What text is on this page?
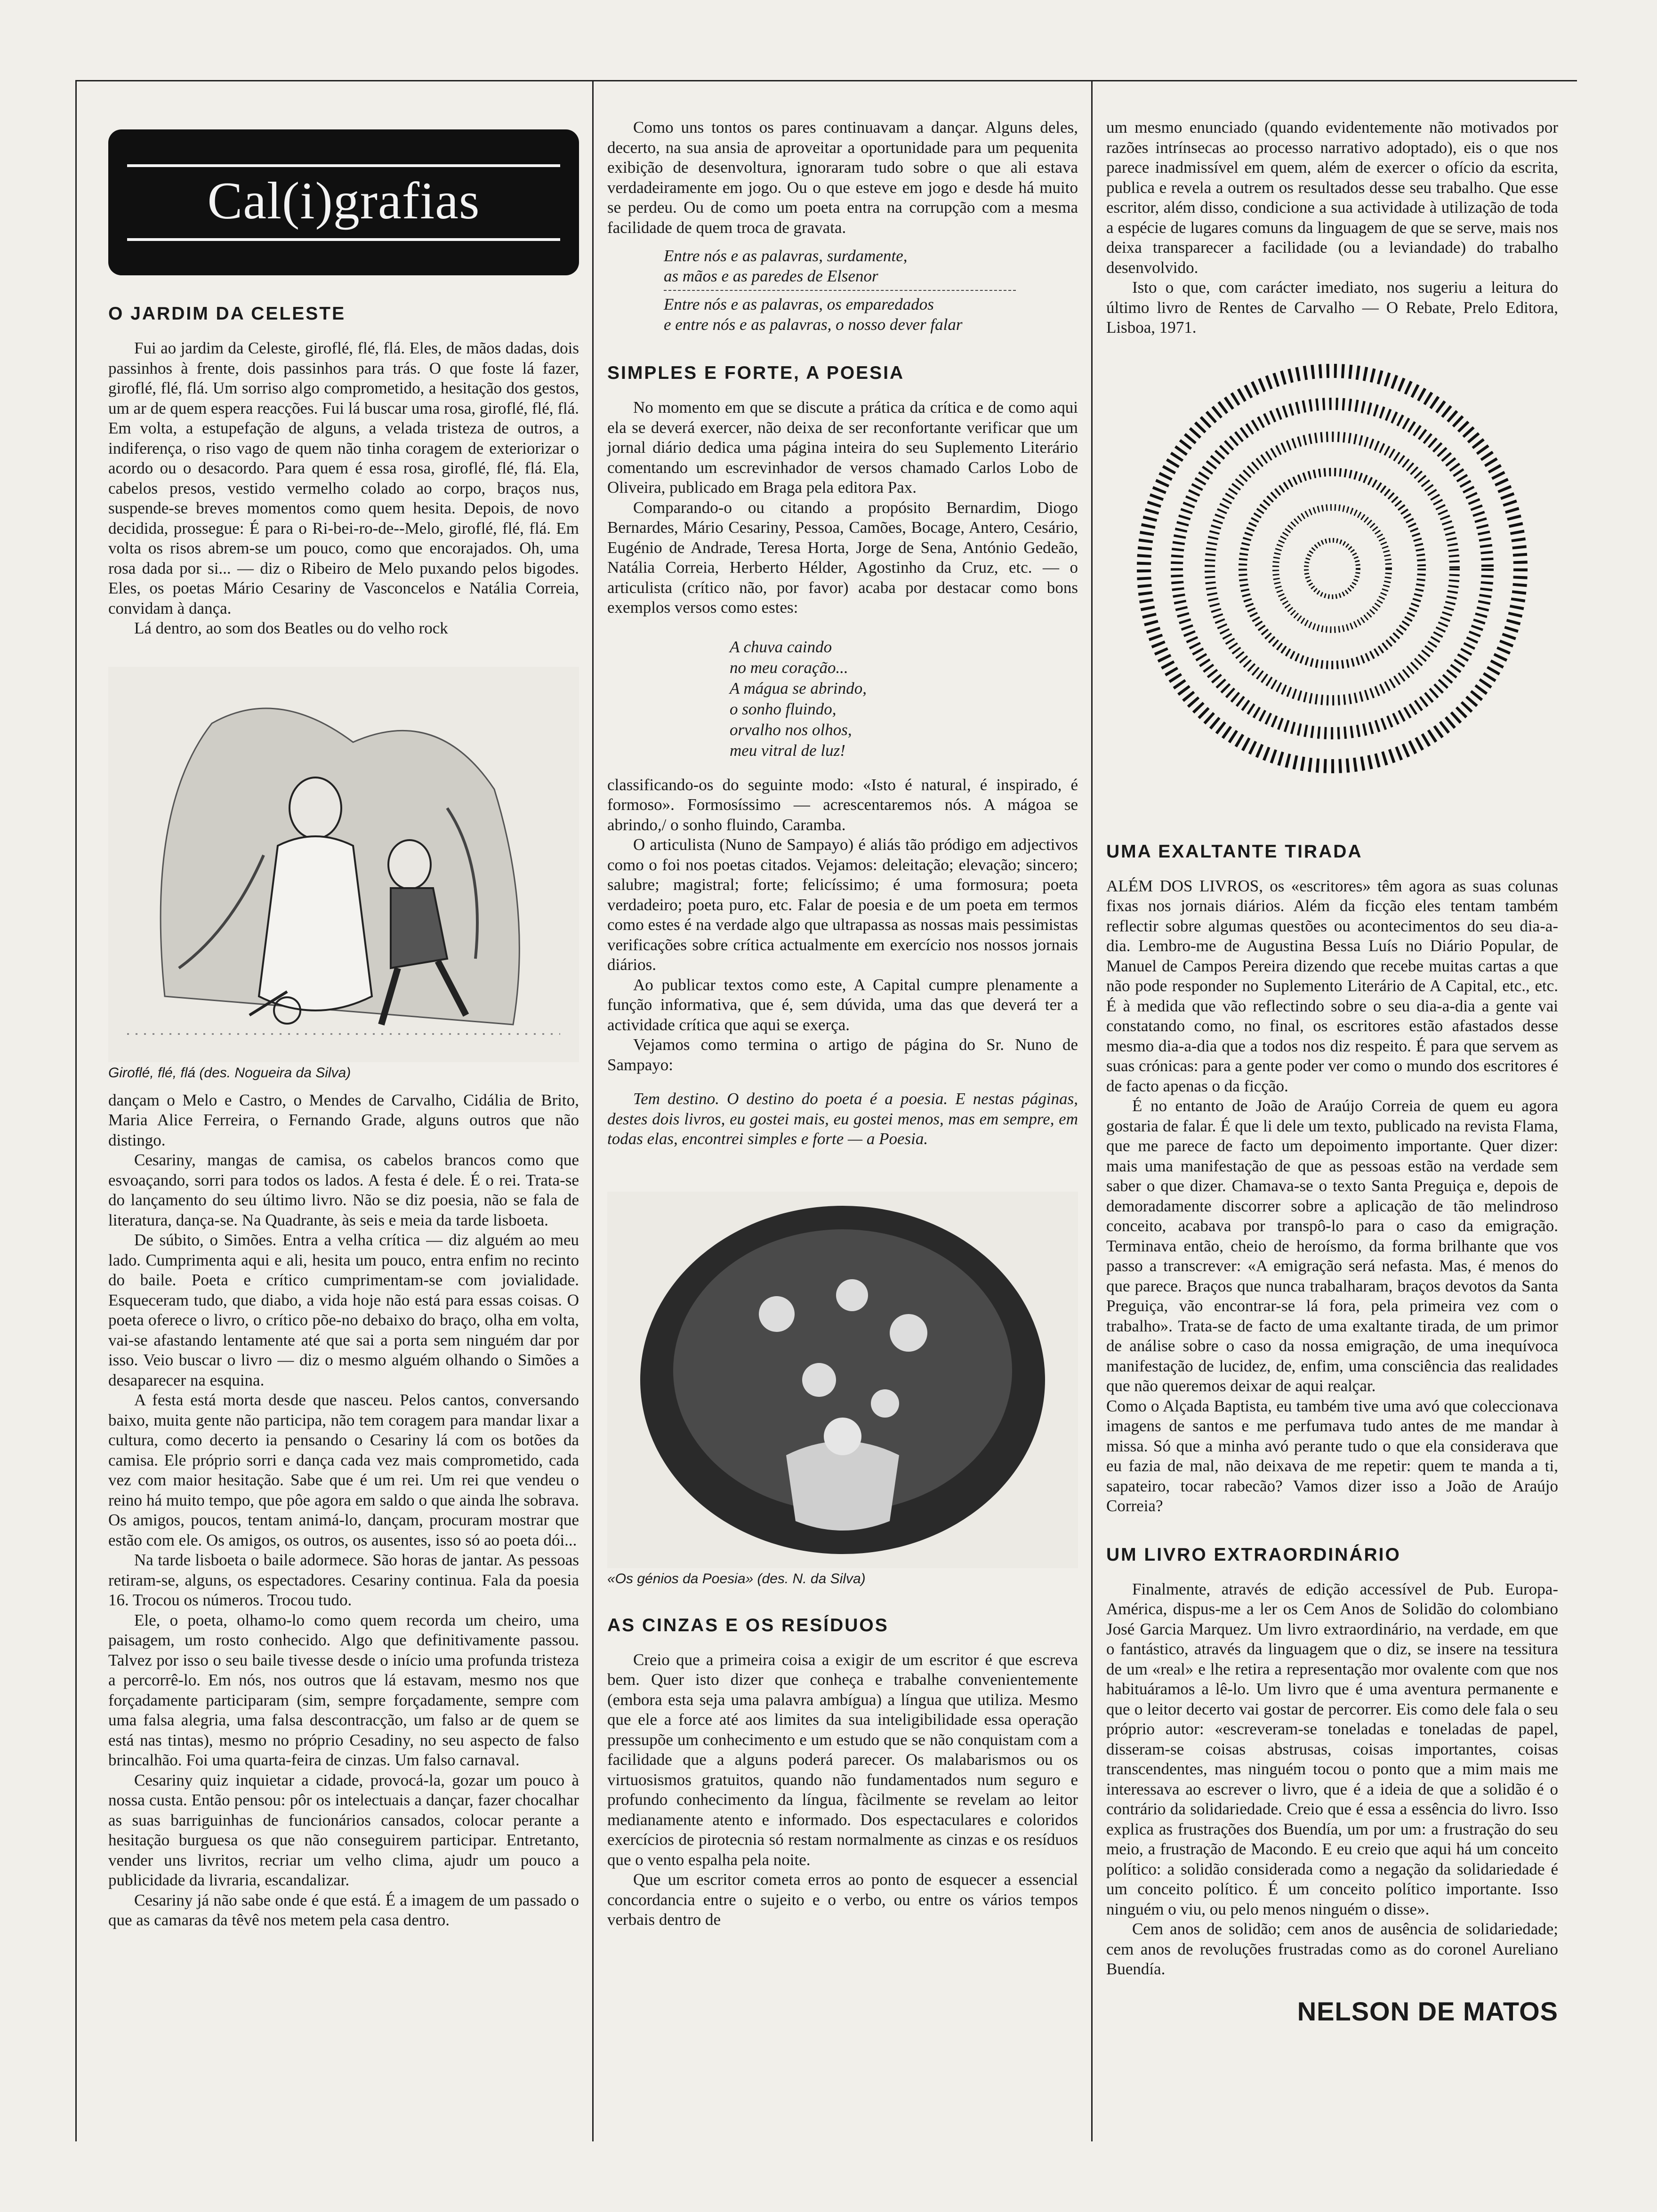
Cal(i)grafias
O JARDIM DA CELESTE

Fui ao jardim da Celeste, giroflé, flé, flá. Eles, de mãos dadas, dois passinhos à frente, dois passinhos para trás. O que foste lá fazer, giroflé, flé, flá. Um sorriso algo comprometido, a hesitação dos gestos, um ar de quem espera reacções. Fui lá buscar uma rosa, giroflé, flé, flá. Em volta, a estupefação de alguns, a velada tristeza de outros, a indiferença, o riso vago de quem não tinha coragem de exteriorizar o acordo ou o desacordo. Para quem é essa rosa, giroflé, flé, flá. Ela, cabelos presos, vestido vermelho colado ao corpo, braços nus, suspende-se breves momentos como quem hesita. Depois, de novo decidida, prossegue: É para o Ri-bei-ro-de--Melo, giroflé, flé, flá. Em volta os risos abrem-se um pouco, como que encorajados. Oh, uma rosa dada por si... — diz o Ribeiro de Melo puxando pelos bigodes. Eles, os poetas Mário Cesariny de Vasconcelos e Natália Correia, convidam à dança.

Lá dentro, ao som dos Beatles ou do velho rock

Giroflé, flé, flá (des. Nogueira da Silva)

dançam o Melo e Castro, o Mendes de Carvalho, Cidália de Brito, Maria Alice Ferreira, o Fernando Grade, alguns outros que não distingo.

Cesariny, mangas de camisa, os cabelos brancos como que esvoaçando, sorri para todos os lados. A festa é dele. É o rei. Trata-se do lançamento do seu último livro. Não se diz poesia, não se fala de literatura, dança-se. Na Quadrante, às seis e meia da tarde lisboeta.

De súbito, o Simões. Entra a velha crítica — diz alguém ao meu lado. Cumprimenta aqui e ali, hesita um pouco, entra enfim no recinto do baile. Poeta e crítico cumprimentam-se com jovialidade. Esqueceram tudo, que diabo, a vida hoje não está para essas coisas. O poeta oferece o livro, o crítico põe-no debaixo do braço, olha em volta, vai-se afastando lentamente até que sai a porta sem ninguém dar por isso. Veio buscar o livro — diz o mesmo alguém olhando o Simões a desaparecer na esquina.

A festa está morta desde que nasceu. Pelos cantos, conversando baixo, muita gente não participa, não tem coragem para mandar lixar a cultura, como decerto ia pensando o Cesariny lá com os botões da camisa. Ele próprio sorri e dança cada vez mais comprometido, cada vez com maior hesitação. Sabe que é um rei. Um rei que vendeu o reino há muito tempo, que pôe agora em saldo o que ainda lhe sobrava. Os amigos, poucos, tentam animá-lo, dançam, procuram mostrar que estão com ele. Os amigos, os outros, os ausentes, isso só ao poeta dói...

Na tarde lisboeta o baile adormece. São horas de jantar. As pessoas retiram-se, alguns, os espectadores. Cesariny continua. Fala da poesia 16. Trocou os números. Trocou tudo.

Ele, o poeta, olhamo-lo como quem recorda um cheiro, uma paisagem, um rosto conhecido. Algo que definitivamente passou. Talvez por isso o seu baile tivesse desde o início uma profunda tristeza a percorrê-lo. Em nós, nos outros que lá estavam, mesmo nos que forçadamente participaram (sim, sempre forçadamente, sempre com uma falsa alegria, uma falsa descontracção, um falso ar de quem se está nas tintas), mesmo no próprio Cesadiny, no seu aspecto de falso brincalhão. Foi uma quarta-feira de cinzas. Um falso carnaval.

Cesariny quiz inquietar a cidade, provocá-la, gozar um pouco à nossa custa. Então pensou: pôr os intelectuais a dançar, fazer chocalhar as suas barriguinhas de funcionários cansados, colocar perante a hesitação burguesa os que não conseguirem participar. Entretanto, vender uns livritos, recriar um velho clima, ajudr um pouco a publicidade da livraria, escandalizar.

Cesariny já não sabe onde é que está. É a imagem de um passado o que as camaras da têvê nos metem pela casa dentro.

Como uns tontos os pares continuavam a dançar. Alguns deles, decerto, na sua ansia de aproveitar a oportunidade para um pequenita exibição de desenvoltura, ignoraram tudo sobre o que ali estava verdadeiramente em jogo. Ou o que esteve em jogo e desde há muito se perdeu. Ou de como um poeta entra na corrupção com a mesma facilidade de quem troca de gravata.

Entre nós e as palavras, surdamente,
as mãos e as paredes de Elsenor
Entre nós e as palavras, os emparedados
e entre nós e as palavras, o nosso dever falar
SIMPLES E FORTE, A POESIA

No momento em que se discute a prática da crítica e de como aqui ela se deverá exercer, não deixa de ser reconfortante verificar que um jornal diário dedica uma página inteira do seu Suplemento Literário comentando um escrevinhador de versos chamado Carlos Lobo de Oliveira, publicado em Braga pela editora Pax.

Comparando-o ou citando a propósito Bernardim, Diogo Bernardes, Mário Cesariny, Pessoa, Camões, Bocage, Antero, Cesário, Eugénio de Andrade, Teresa Horta, Jorge de Sena, António Gedeão, Natália Correia, Herberto Hélder, Agostinho da Cruz, etc. — o articulista (crítico não, por favor) acaba por destacar como bons exemplos versos como estes:

A chuva caindo
no meu coração...
A mágua se abrindo,
o sonho fluindo,
orvalho nos olhos,
meu vitral de luz!

classificando-os do seguinte modo: «Isto é natural, é inspirado, é formoso». Formosíssimo — acrescentaremos nós. A mágoa se abrindo,/ o sonho fluindo, Caramba.

O articulista (Nuno de Sampayo) é aliás tão pródigo em adjectivos como o foi nos poetas citados. Vejamos: deleitação; elevação; sincero; salubre; magistral; forte; felicíssimo; é uma formosura; poeta verdadeiro; poeta puro, etc. Falar de poesia e de um poeta em termos como estes é na verdade algo que ultrapassa as nossas mais pessimistas verificações sobre crítica actualmente em exercício nos nossos jornais diários.

Ao publicar textos como este, A Capital cumpre plenamente a função informativa, que é, sem dúvida, uma das que deverá ter a actividade crítica que aqui se exerça.

Vejamos como termina o artigo de página do Sr. Nuno de Sampayo:

Tem destino. O destino do poeta é a poesia. E nestas páginas, destes dois livros, eu gostei mais, eu gostei menos, mas em sempre, em todas elas, encontrei simples e forte — a Poesia.

«Os génios da Poesia» (des. N. da Silva)
AS CINZAS E OS RESÍDUOS

Creio que a primeira coisa a exigir de um escritor é que escreva bem. Quer isto dizer que conheça e trabalhe convenientemente (embora esta seja uma palavra ambígua) a língua que utiliza. Mesmo que ele a force até aos limites da sua inteligibilidade essa operação pressupõe um conhecimento e um estudo que se não conquistam com a facilidade que a alguns poderá parecer. Os malabarismos ou os virtuosismos gratuitos, quando não fundamentados num seguro e profundo conhecimento da língua, fàcilmente se revelam ao leitor medianamente atento e informado. Dos espectaculares e coloridos exercícios de pirotecnia só restam normalmente as cinzas e os resíduos que o vento espalha pela noite.

Que um escritor cometa erros ao ponto de esquecer a essencial concordancia entre o sujeito e o verbo, ou entre os vários tempos verbais dentro de

um mesmo enunciado (quando evidentemente não motivados por razões intrínsecas ao processo narrativo adoptado), eis o que nos parece inadmissível em quem, além de exercer o ofício da escrita, publica e revela a outrem os resultados desse seu trabalho. Que esse escritor, além disso, condicione a sua actividade à utilização de toda a espécie de lugares comuns da linguagem de que se serve, mais nos deixa transparecer a facilidade (ou a leviandade) do trabalho desenvolvido.

Isto o que, com carácter imediato, nos sugeriu a leitura do último livro de Rentes de Carvalho — O Rebate, Prelo Editora, Lisboa, 1971.

UMA EXALTANTE TIRADA

ALÉM DOS LIVROS, os «escritores» têm agora as suas colunas fixas nos jornais diários. Além da ficção eles tentam também reflectir sobre algumas questões ou acontecimentos do seu dia-a-dia. Lembro-me de Augustina Bessa Luís no Diário Popular, de Manuel de Campos Pereira dizendo que recebe muitas cartas a que não pode responder no Suplemento Literário de A Capital, etc., etc. É à medida que vão reflectindo sobre o seu dia-a-dia a gente vai constatando como, no final, os escritores estão afastados desse mesmo dia-a-dia que a todos nos diz respeito. É para que servem as suas crónicas: para a gente poder ver como o mundo dos escritores é de facto apenas o da ficção.

É no entanto de João de Araújo Correia de quem eu agora gostaria de falar. É que li dele um texto, publicado na revista Flama, que me parece de facto um depoimento importante. Quer dizer: mais uma manifestação de que as pessoas estão na verdade sem saber o que dizer. Chamava-se o texto Santa Preguiça e, depois de demoradamente discorrer sobre a aplicação de tão melindroso conceito, acabava por transpô-lo para o caso da emigração. Terminava então, cheio de heroísmo, da forma brilhante que vos passo a transcrever: «A emigração será nefasta. Mas, é menos do que parece. Braços que nunca trabalharam, braços devotos da Santa Preguiça, vão encontrar-se lá fora, pela primeira vez com o trabalho». Trata-se de facto de uma exaltante tirada, de um primor de análise sobre o caso da nossa emigração, de uma inequívoca manifestação de lucidez, de, enfim, uma consciência das realidades que não queremos deixar de aqui realçar.

Como o Alçada Baptista, eu também tive uma avó que coleccionava imagens de santos e me perfumava tudo antes de me mandar à missa. Só que a minha avó perante tudo o que ela considerava que eu fazia de mal, não deixava de me repetir: quem te manda a ti, sapateiro, tocar rabecão? Vamos dizer isso a João de Araújo Correia?

UM LIVRO EXTRAORDINÁRIO

Finalmente, através de edição accessível de Pub. Europa-América, dispus-me a ler os Cem Anos de Solidão do colombiano José Garcia Marquez. Um livro extraordinário, na verdade, em que o fantástico, através da linguagem que o diz, se insere na tessitura de um «real» e lhe retira a representação mor ovalente com que nos habituáramos a lê-lo. Um livro que é uma aventura permanente e que o leitor decerto vai gostar de percorrer. Eis como dele fala o seu próprio autor: «escreveram-se toneladas e toneladas de papel, disseram-se coisas abstrusas, coisas importantes, coisas transcendentes, mas ninguém tocou o ponto que a mim mais me interessava ao escrever o livro, que é a ideia de que a solidão é o contrário da solidariedade. Creio que é essa a essência do livro. Isso explica as frustrações dos Buendía, um por um: a frustração do seu meio, a frustração de Macondo. E eu creio que aqui há um conceito político: a solidão considerada como a negação da solidariedade é um conceito político. É um conceito político importante. Isso ninguém o viu, ou pelo menos ninguém o disse».

Cem anos de solidão; cem anos de ausência de solidariedade; cem anos de revoluções frustradas como as do coronel Aureliano Buendía.

NELSON DE MATOS
